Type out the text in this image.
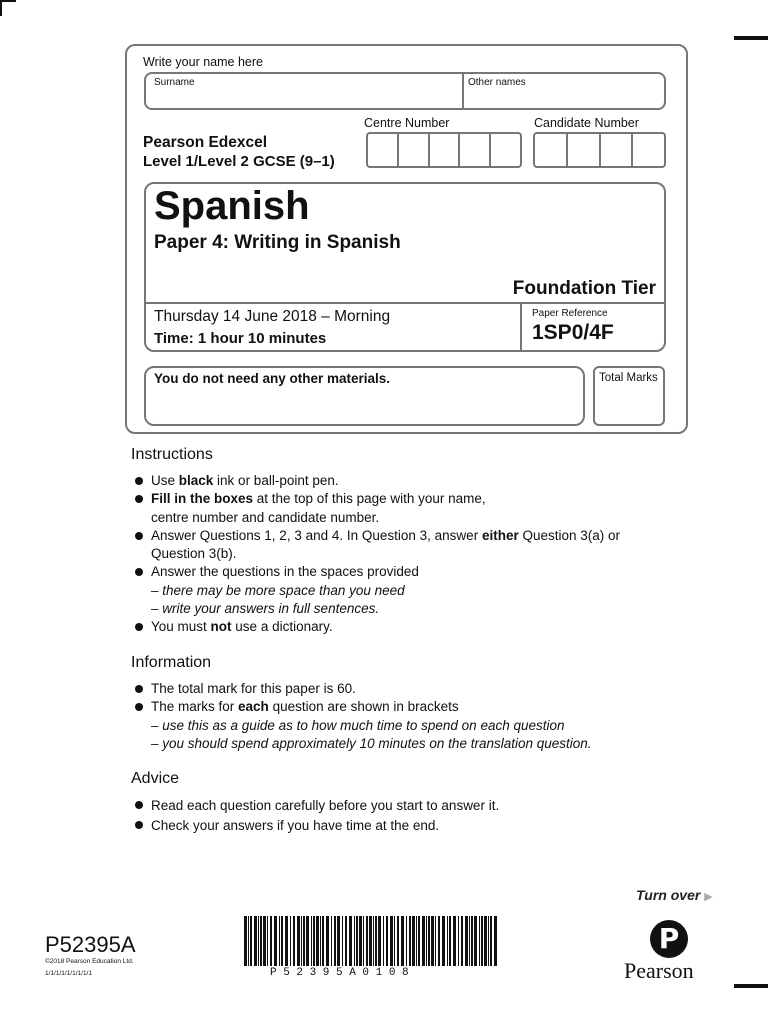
Write your name here
Surname	Other names
Centre Number	Candidate Number
Pearson Edexcel
Level 1/Level 2 GCSE (9–1)
Spanish
Paper 4: Writing in Spanish
Foundation Tier
Thursday 14 June 2018 – Morning
Time: 1 hour 10 minutes
Paper Reference
1SP0/4F
You do not need any other materials.	Total Marks
Instructions
Use black ink or ball-point pen.
Fill in the boxes at the top of this page with your name,
centre number and candidate number.
Answer Questions 1, 2, 3 and 4. In Question 3, answer either Question 3(a) or
Question 3(b).
Answer the questions in the spaces provided
– there may be more space than you need
– write your answers in full sentences.
You must not use a dictionary.
Information
The total mark for this paper is 60.
The marks for each question are shown in brackets
– use this as a guide as to how much time to spend on each question
– you should spend approximately 10 minutes on the translation question.
Advice
Read each question carefully before you start to answer it.
Check your answers if you have time at the end.
Turn over ▶
P52395A
©2018 Pearson Education Ltd.
1/1/1/1/1/1/1/1/1	P 5 2 3 9 5 A 0 1 0 8
P
Pearson
